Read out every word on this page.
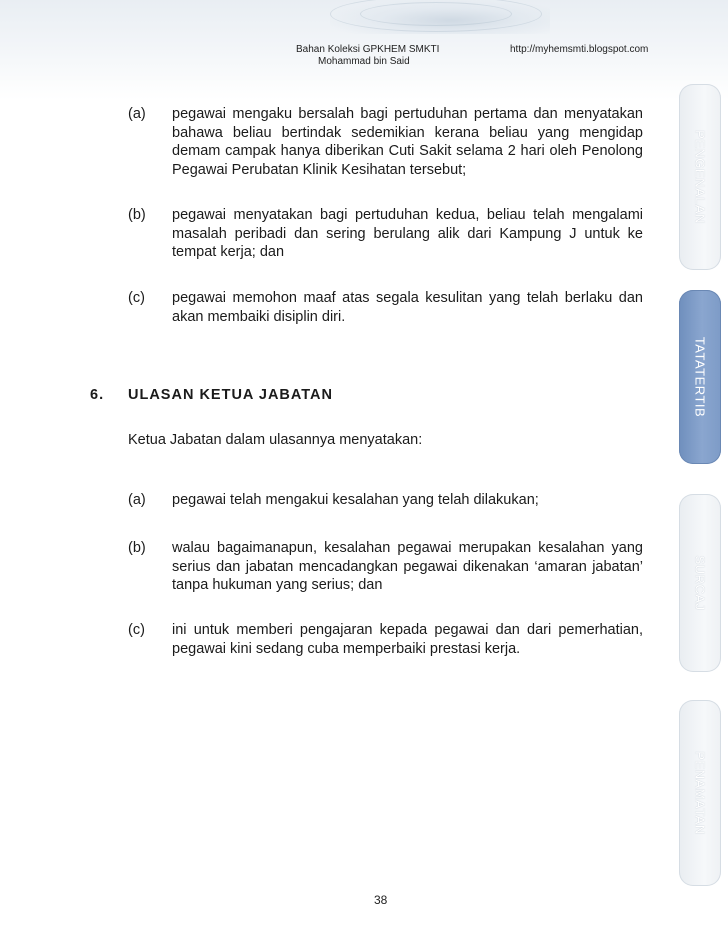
Bahan Koleksi GPKHEM SMKTI	http://myhemsmti.blogspot.com
Mohammad bin Said
PENGENALAN
TATATERTIB
SURCAJ
PENAMATAN
(a) pegawai mengaku bersalah bagi pertuduhan pertama dan menyatakan bahawa beliau bertindak sedemikian kerana beliau yang mengidap demam campak hanya diberikan Cuti Sakit selama 2 hari oleh Penolong Pegawai Perubatan Klinik Kesihatan tersebut;
(b) pegawai menyatakan bagi pertuduhan kedua, beliau telah mengalami masalah peribadi dan sering berulang alik dari Kampung J untuk ke tempat kerja; dan
(c) pegawai memohon maaf atas segala kesulitan yang telah berlaku dan akan membaiki disiplin diri.
6. ULASAN KETUA JABATAN
Ketua Jabatan dalam ulasannya menyatakan:
(a) pegawai telah mengakui kesalahan yang telah dilakukan;
(b) walau bagaimanapun, kesalahan pegawai merupakan kesalahan yang serius dan jabatan mencadangkan pegawai dikenakan ‘amaran jabatan’ tanpa hukuman yang serius; dan
(c) ini untuk memberi pengajaran kepada pegawai dan dari pemerhatian, pegawai kini sedang cuba memperbaiki prestasi kerja.
38
